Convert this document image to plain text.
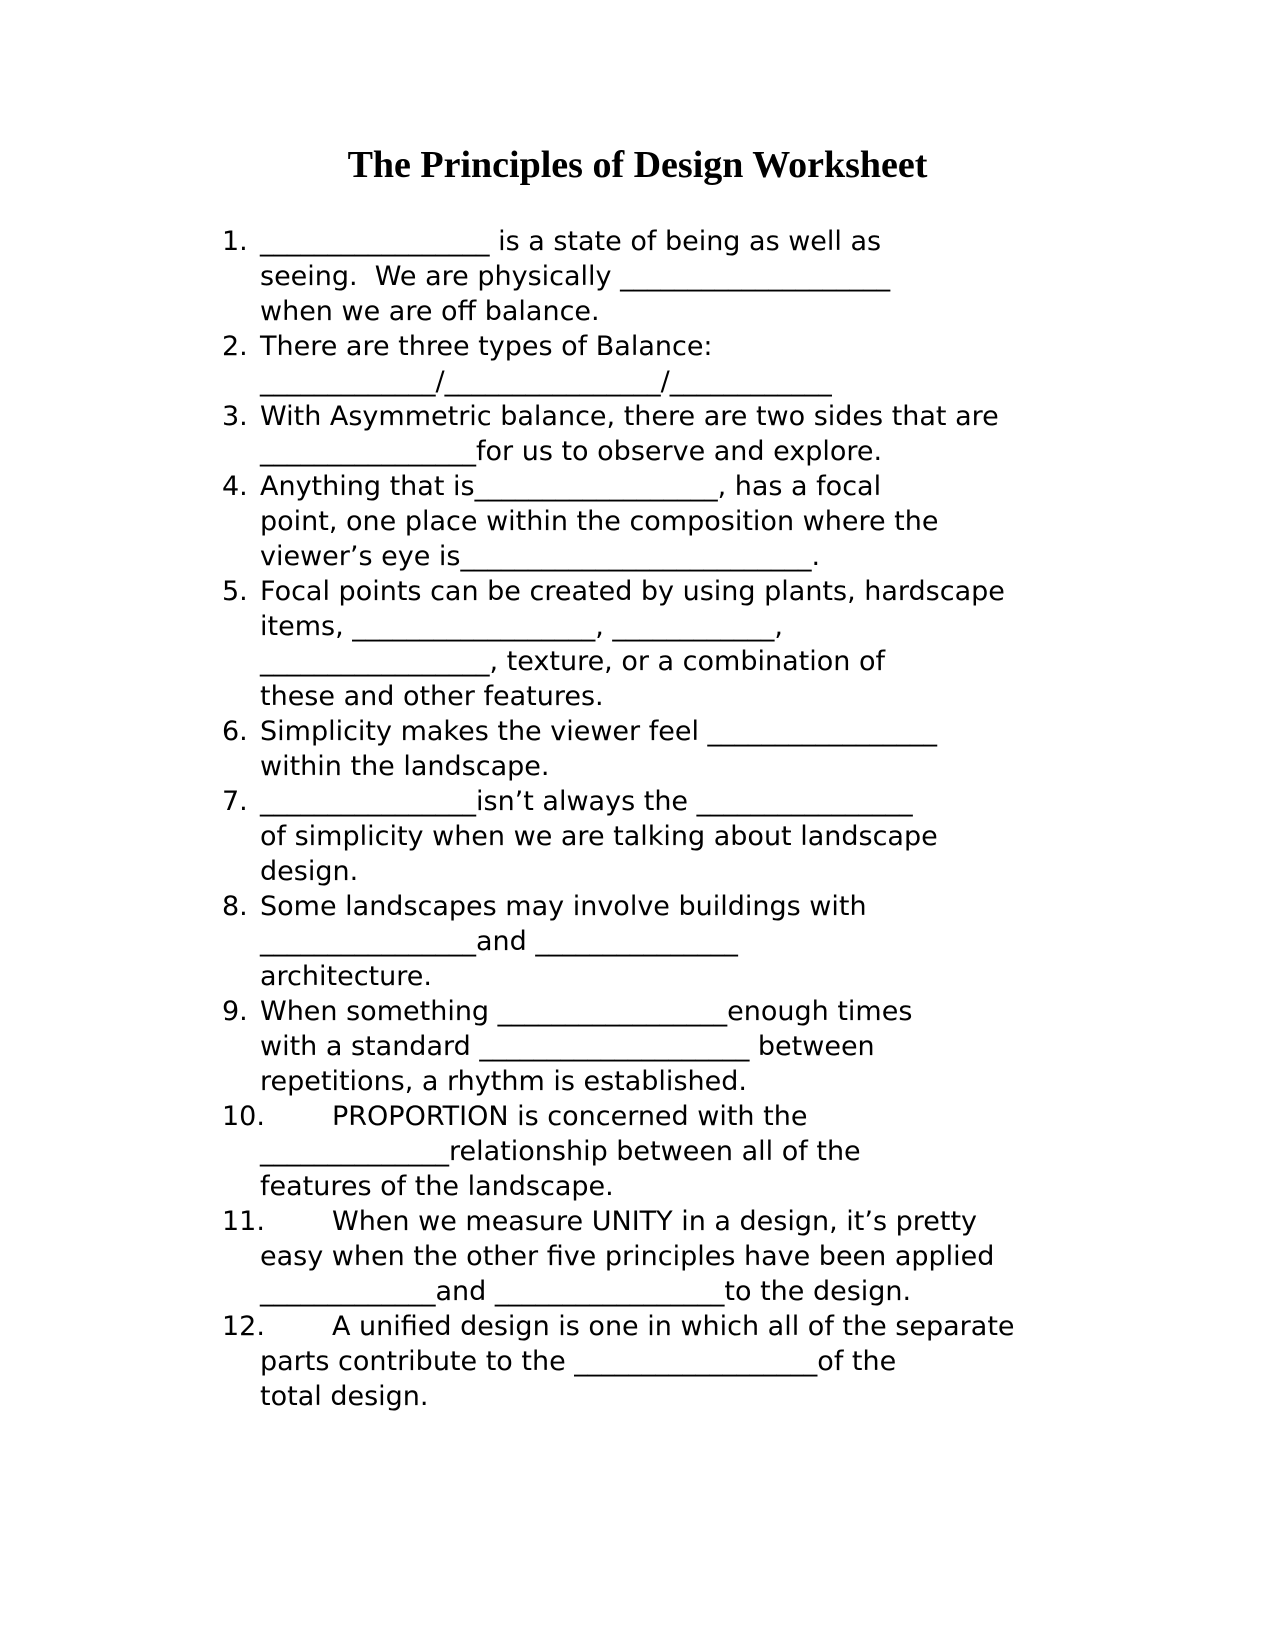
The Principles of Design Worksheet
1. _________________ is a state of being as well as
seeing.  We are physically ____________________
when we are off balance.
2. There are three types of Balance:
_____________/________________/____________
3. With Asymmetric balance, there are two sides that are
________________for us to observe and explore.
4. Anything that is__________________, has a focal
point, one place within the composition where the
viewer’s eye is__________________________.
5. Focal points can be created by using plants, hardscape
items, __________________, ____________,
_________________, texture, or a combination of
these and other features.
6. Simplicity makes the viewer feel _________________
within the landscape.
7. ________________isn’t always the ________________
of simplicity when we are talking about landscape
design.
8. Some landscapes may involve buildings with
________________and _______________
architecture.
9. When something _________________enough times
with a standard ____________________ between
repetitions, a rhythm is established.
10.	PROPORTION is concerned with the
______________relationship between all of the
features of the landscape.
11.	When we measure UNITY in a design, it’s pretty
easy when the other five principles have been applied
_____________and _________________to the design.
12.	A unified design is one in which all of the separate
parts contribute to the __________________of the
total design.
